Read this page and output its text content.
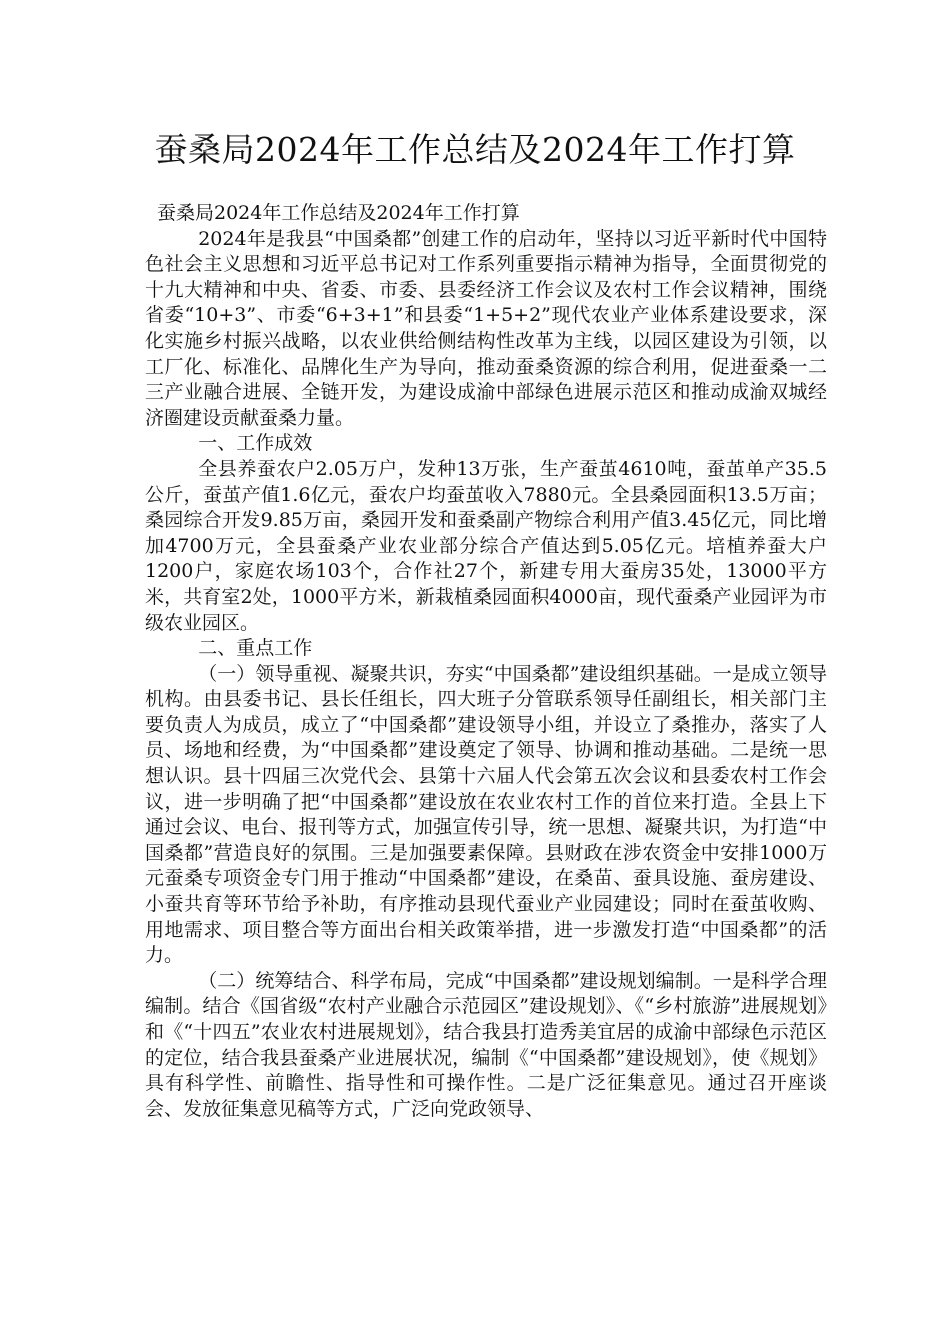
蚕桑局2024年工作总结及2024年工作打算

蚕桑局2024年工作总结及2024年工作打算

2024年是我县“中国桑都”创建工作的启动年，坚持以习近平新时代中国特色社会主义思想和习近平总书记对工作系列重要指示精神为指导，全面贯彻党的十九大精神和中央、省委、市委、县委经济工作会议及农村工作会议精神，围绕省委“10+3”、市委“6+3+1”和县委“1+5+2”现代农业产业体系建设要求，深化实施乡村振兴战略，以农业供给侧结构性改革为主线，以园区建设为引领，以工厂化、标准化、品牌化生产为导向，推动蚕桑资源的综合利用，促进蚕桑一二三产业融合进展、全链开发，为建设成渝中部绿色进展示范区和推动成渝双城经济圈建设贡献蚕桑力量。

一、工作成效

全县养蚕农户2.05万户，发种13万张，生产蚕茧4610吨，蚕茧单产35.5公斤，蚕茧产值1.6亿元，蚕农户均蚕茧收入7880元。全县桑园面积13.5万亩；桑园综合开发9.85万亩，桑园开发和蚕桑副产物综合利用产值3.45亿元，同比增加4700万元，全县蚕桑产业农业部分综合产值达到5.05亿元。培植养蚕大户1200户，家庭农场103个，合作社27个，新建专用大蚕房35处，13000平方米，共育室2处，1000平方米，新栽植桑园面积4000亩，现代蚕桑产业园评为市级农业园区。

二、重点工作

（一）领导重视、凝聚共识，夯实“中国桑都”建设组织基础。一是成立领导机构。由县委书记、县长任组长，四大班子分管联系领导任副组长，相关部门主要负责人为成员，成立了“中国桑都”建设领导小组，并设立了桑推办，落实了人员、场地和经费，为“中国桑都”建设奠定了领导、协调和推动基础。二是统一思想认识。县十四届三次党代会、县第十六届人代会第五次会议和县委农村工作会议，进一步明确了把“中国桑都”建设放在农业农村工作的首位来打造。全县上下通过会议、电台、报刊等方式，加强宣传引导，统一思想、凝聚共识，为打造“中国桑都”营造良好的氛围。三是加强要素保障。县财政在涉农资金中安排1000万元蚕桑专项资金专门用于推动“中国桑都”建设，在桑苗、蚕具设施、蚕房建设、小蚕共育等环节给予补助，有序推动县现代蚕业产业园建设；同时在蚕茧收购、用地需求、项目整合等方面出台相关政策举措，进一步激发打造“中国桑都”的活力。

（二）统筹结合、科学布局，完成“中国桑都”建设规划编制。一是科学合理编制。结合《国省级“农村产业融合示范园区”建设规划》、《“乡村旅游”进展规划》和《“十四五”农业农村进展规划》，结合我县打造秀美宜居的成渝中部绿色示范区的定位，结合我县蚕桑产业进展状况，编制《“中国桑都”建设规划》，使《规划》具有科学性、前瞻性、指导性和可操作性。二是广泛征集意见。通过召开座谈会、发放征集意见稿等方式，广泛向党政领导、
